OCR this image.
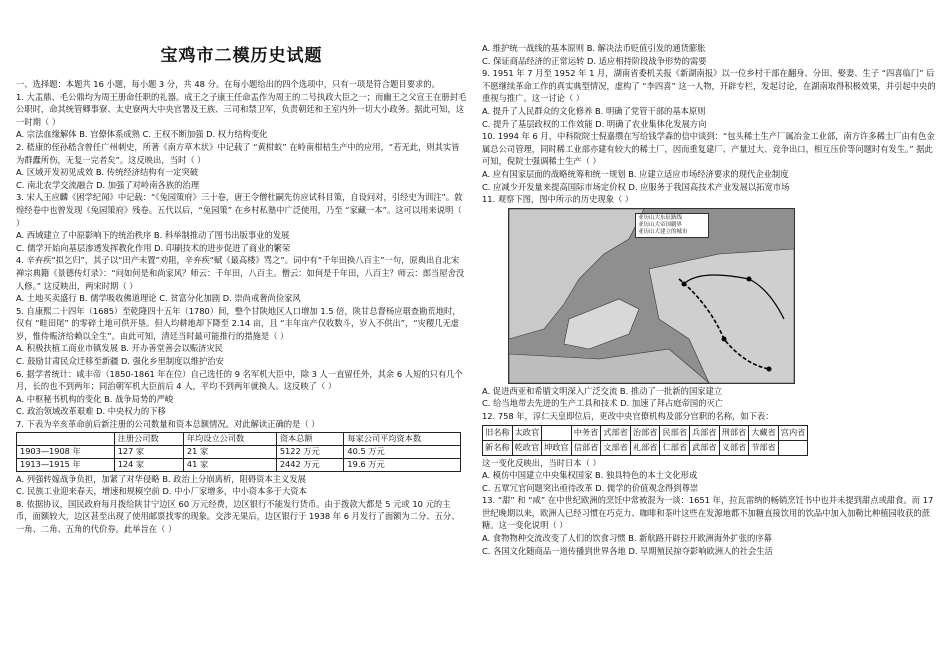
宝鸡市二模历史试题
一、选择题：本题共 16 小题，每小题 3 分，共 48 分。在每小题给出的四个选项中，只有一项是符合题目要求的。
1. 大盂鼎、毛公鼎均为周王册命任职的礼器。成王之子康王任命盂作为周王的二号执政大臣之一；而幽王之父宣王在册封毛公职时，命其统管卿事寮、太史寮两大中央官署及王族、三司和禁卫军，负责朝廷和王室内外一切大小政务。据此可知，这一时期（ ）
A. 宗法血缘解体 B. 官僚体系成熟 C. 王权不断加强 D. 权力结构变化
2. 嵇康的侄孙嵇含曾任广州刺史，所著《南方草木状》中记载了 “黄柑蚁” 在岭南柑桔生产中的应用，“若无此，则其实皆为群蠹所伤，无复一完者矣”。这反映出，当时（ ）
A. 区域开发初见成效 B. 传统经济结构有一定突破
C. 南北农学交流融合 D. 加强了对岭南各族的治理
3. 宋人王应麟《困学纪闻》中记载：“《兔园策府》三十卷，唐王令僧杜嗣先仿应试科目策，自设问对，引经史为训注”。敦煌经卷中也曾发现《兔园策府》残卷。五代以后，“兔园策” 在乡村私塾中广泛使用，乃至 “家藏一本”。这可以用来说明（ ）
A. 西域建立了中原影响下的统治秩序 B. 科举制推动了图书出版事业的发展
C. 儒学开始向基层渗透发挥教化作用 D. 印刷技术的进步促进了商业的繁荣
4. 辛弃疾“拟乞归”，其子以“田产未置”劝阻，辛弃疾“赋《最高楼》骂之”。词中有“千年田换八百主”一句，原典出自北宋禅宗典籍《景德传灯录》：“问如何是和尚家风？师云：千年田，八百主。僧云：如何是千年田，八百主？师云：郎当屋舍没人修。” 这反映出，两宋时期（ ）
A. 土地买卖盛行 B. 儒学吸收佛道理论 C. 贫富分化加剧 D. 崇尚戒奢尚俭家风
5. 自康熙二十四年（1685）至乾隆四十五年（1780）间，整个甘陕地区人口增加 1.5 倍，陕甘总督杨应琚查勘荒地时，仅有 “畦田尾” 的零碎土地可供开垦。但人均耕地却下降至 2.14 亩，且 “丰年亩产仅收数斗，岁入不供出”，“灾稷几无虚岁，惟侍赈济给赖以全生”。由此可知，清廷当时最可能推行的措施是（ ）
A. 积极扶植工商业市镇发展 B. 开办善堂善会以赈济灾民
C. 鼓励甘肃民众迁移至新疆 D. 强化乡里制度以维护治安
6. 据学者统计：咸丰帝（1850-1861 年在位）自己选任的 9 名军机大臣中，除 3 人一直留任外，其余 6 人短的只有几个月，长的也不到两年；同治朝军机大臣前后 4 人，平均不到两年就换人。这反映了（ ）
A. 中枢秘书机构的变化 B. 战争局势的严峻
C. 政治领域改革艰难 D. 中央权力的下移
7. 下表为辛亥革命前后新注册的公司数量和资本总额情况。对此解读正确的是（ ）
	注册公司数	年均设立公司数	资本总额	每家公司平均资本数
1903—1908 年	127 家	21 家	5122 万元	40.5 万元
1913—1915 年	124 家	41 家	2442 万元	19.6 万元
A. 列强转嫁战争负担，加紧了对华侵略 B. 政治上分崩离析，阻碍资本主义发展
C. 民族工业迎来春天，增速和规模空前 D. 中小厂家增多，中小资本多于大资本
8. 依据协议，国民政府每月拨给陕甘宁边区 60 万元经费，边区银行不能发行货币。由于拨款大都是 5 元或 10 元的主币，面额较大，边区甚至出现了使用邮票找零的现象。交涉无果后，边区银行于 1938 年 6 月发行了面额为二分、五分、一角、二角、五角的代价券。此举旨在（ ）
A. 维护统一战线的基本原则 B. 解决法币贬值引发的通货膨胀
C. 保证商品经济的正常运转 D. 适应相持阶段战争形势的需要
9. 1951 年 7 月至 1952 年 1 月，湖南省委机关报《新湖南报》以一位乡村干部在翻身、分田、娶妻、生子 “四喜临门” 后不愿继续革命工作的真实典型情况，虚构了 “李四喜” 这一人物，开辟专栏，发起讨论，在湖南取得积极效果，并引起中央的重视与推广。这一讨论（ ）
A. 提升了人民群众的文化修养 B. 明确了党管干部的基本原则
C. 提升了基层政权的工作效能 D. 明确了农业集体化发展方向
10. 1994 年 6 月，中科院院士倪嘉缵在写给钱学森的信中谈到：“包头稀土生产厂属冶金工业部，南方许多稀土厂由有色金属总公司管理，同时稀工业部亦建有较大的稀土厂，因而重复建厂、产量过大、竞争出口，相互压价等问题时有发生。” 据此可知，倪院士强调稀土生产（ ）
A. 应有国家层面的战略统筹和统一规划 B. 应建立适应市场经济要求的现代企业制度
C. 应减少开发量来提高国际市场定价权 D. 应服务于我国高技术产业发展以拓宽市场
11. 观察下图，图中所示的历史现象（ ）
亚历山大东征路线
亚历山大帝国疆界
亚历山大建立的城市
A. 促进西亚和希腊文明深入广泛交流 B. 推动了一批新的国家建立
C. 给当地带去先进的生产工具和技术 D. 加速了拜占庭帝国的灭亡
12. 758 年，淳仁天皇即位后，更改中央官僚机构及部分官职的名称，如下表：
旧名称	太政官		中务省	式部省	治部省	民部省	兵部省	刑部省	大藏省	宫内省
新名称	乾政官	坤政官	信部省	文部省	礼部省	仁部省	武部省	义部省	节部省	
这一变化反映出，当时日本（ ）
A. 模仿中国建立中央集权国家 B. 独具特色的本土文化形成
C. 五覃冗官问题突出亟待改革 D. 儒学的价值观念得到尊崇
13. “甜” 和 “咸” 在中世纪欧洲的烹饪中常被混为一谈：1651 年，拉瓦雷纳的畅销烹饪书中也并未提到甜点或甜食。而 17 世纪晚期以来，欧洲人已经习惯在巧克力、咖啡和茶叶这些在发源地都不加糖直接饮用的饮品中加入加勒比种植园收获的蔗糖。这一变化说明（ ）
A. 食物物种交流改变了人们的饮食习惯 B. 新航路开辟拉开欧洲海外扩张的序幕
C. 各国文化随商品一道传播到世界各地 D. 早期殖民掠夺影响欧洲人的社会生活
